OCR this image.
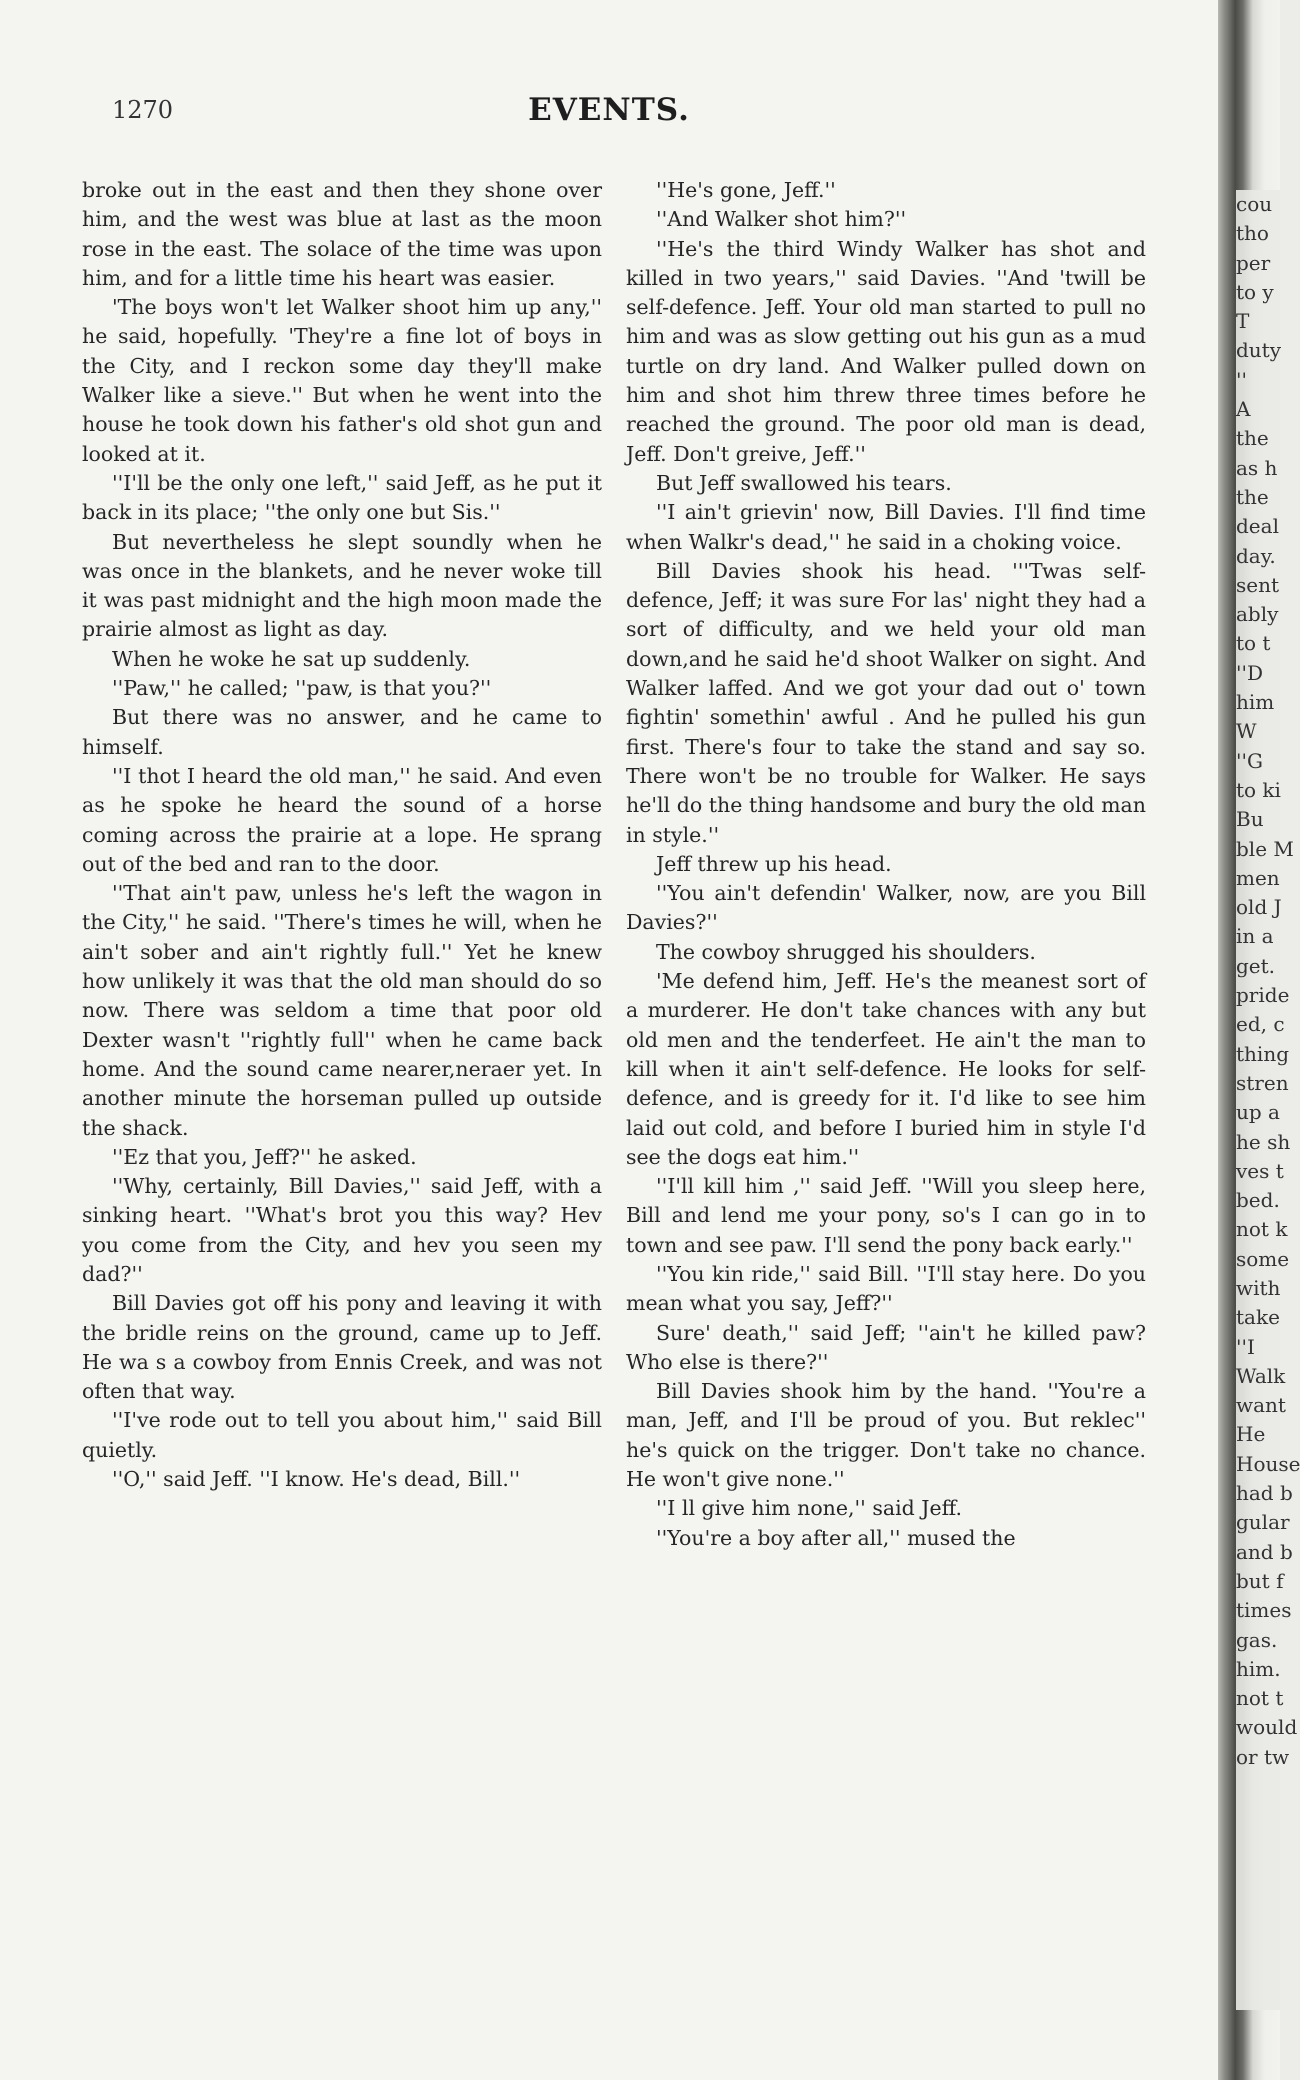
1270	EVENTS.

broke out in the east and then they shone over him, and the west was blue at last as the moon rose in the east. The solace of the time was upon him, and for a little time his heart was easier.

'The boys won't let Walker shoot him up any,'' he said, hopefully. 'They're a fine lot of boys in the City, and I reckon some day they'll make Walker like a sieve.'' But when he went into the house he took down his father's old shot gun and looked at it.

''I'll be the only one left,'' said Jeff, as he put it back in its place; ''the only one but Sis.''

But nevertheless he slept soundly when he was once in the blankets, and he never woke till it was past midnight and the high moon made the prairie almost as light as day.

When he woke he sat up suddenly.

''Paw,'' he called; ''paw, is that you?''

But there was no answer, and he came to himself.

''I thot I heard the old man,'' he said. And even as he spoke he heard the sound of a horse coming across the prairie at a lope. He sprang out of the bed and ran to the door.

''That ain't paw, unless he's left the wagon in the City,'' he said. ''There's times he will, when he ain't sober and ain't rightly full.'' Yet he knew how unlikely it was that the old man should do so now. There was seldom a time that poor old Dexter wasn't ''rightly full'' when he came back home. And the sound came nearer,neraer yet. In another minute the horseman pulled up outside the shack.

''Ez that you, Jeff?'' he asked.

''Why, certainly, Bill Davies,'' said Jeff, with a sinking heart. ''What's brot you this way? Hev you come from the City, and hev you seen my dad?''

Bill Davies got off his pony and leaving it with the bridle reins on the ground, came up to Jeff. He wa s a cowboy from Ennis Creek, and was not often that way.

''I've rode out to tell you about him,'' said Bill quietly.

''O,'' said Jeff. ''I know. He's dead, Bill.''

''He's gone, Jeff.''

''And Walker shot him?''

''He's the third Windy Walker has shot and killed in two years,'' said Davies. ''And 'twill be self-defence. Jeff. Your old man started to pull no him and was as slow getting out his gun as a mud turtle on dry land. And Walker pulled down on him and shot him threw three times before he reached the ground. The poor old man is dead, Jeff. Don't greive, Jeff.''

But Jeff swallowed his tears.

''I ain't grievin' now, Bill Davies. I'll find time when Walkr's dead,'' he said in a choking voice.

Bill Davies shook his head. '''Twas self-defence, Jeff; it was sure For las' night they had a sort of difficulty, and we held your old man down,and he said he'd shoot Walker on sight. And Walker laffed. And we got your dad out o' town fightin' somethin' awful . And he pulled his gun first. There's four to take the stand and say so. There won't be no trouble for Walker. He says he'll do the thing handsome and bury the old man in style.''

Jeff threw up his head.

''You ain't defendin' Walker, now, are you Bill Davies?''

The cowboy shrugged his shoulders.

'Me defend him, Jeff. He's the meanest sort of a murderer. He don't take chances with any but old men and the tenderfeet. He ain't the man to kill when it ain't self-defence. He looks for self-defence, and is greedy for it. I'd like to see him laid out cold, and before I buried him in style I'd see the dogs eat him.''

''I'll kill him ,'' said Jeff. ''Will you sleep here, Bill and lend me your pony, so's I can go in to town and see paw. I'll send the pony back early.''

''You kin ride,'' said Bill. ''I'll stay here. Do you mean what you say, Jeff?''

Sure' death,'' said Jeff; ''ain't he killed paw? Who else is there?''

Bill Davies shook him by the hand. ''You're a man, Jeff, and I'll be proud of you. But reklec'' he's quick on the trigger. Don't take no chance. He won't give none.''

''I ll give him none,'' said Jeff.

''You're a boy after all,'' mused the

cou
tho
per
to y
T
duty
''
A
the
as h
the
deal
day.
sent
ably
to t
''D
him
W
''G
to ki
Bu
ble M
men
old J
in a
get.
pride
ed, c
thing
stren
up a
he sh
ves t
bed.
not k
some
with
take
''I
Walk
want
He
House
had b
gular
and b
but f
times
gas.
him.
not t
would
or tw
